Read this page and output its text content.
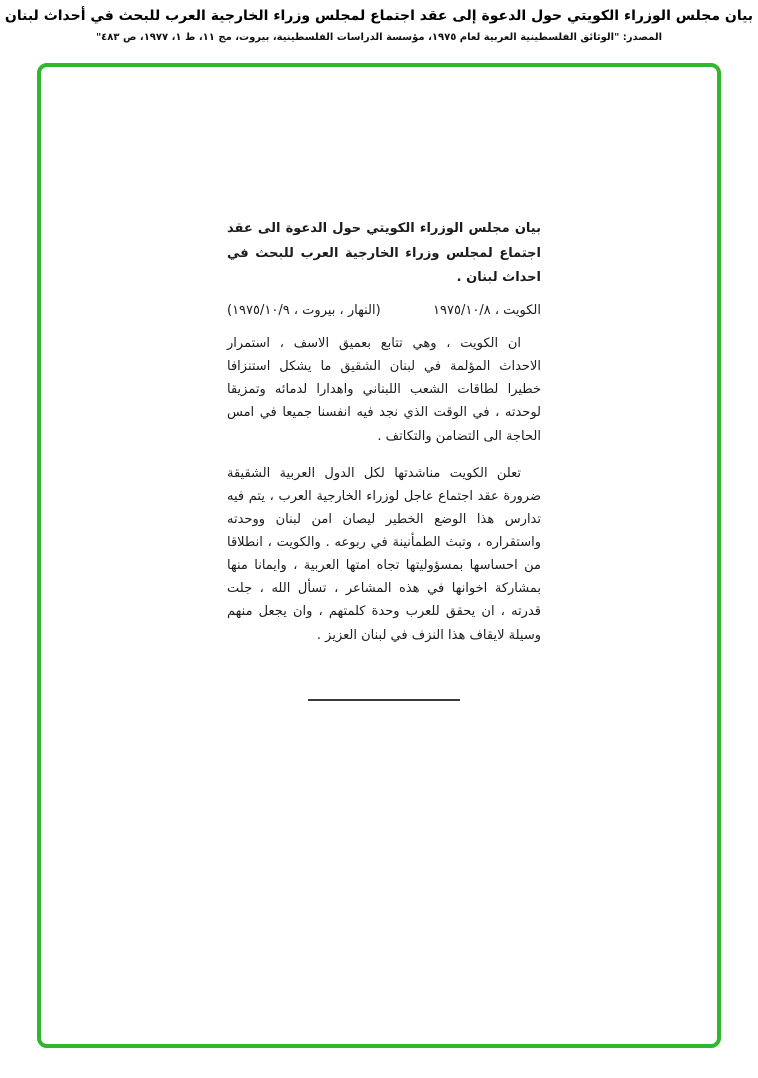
بيان مجلس الوزراء الكويتي حول الدعوة إلى عقد اجتماع لمجلس وزراء الخارجية العرب للبحث في أحداث لبنان
المصدر: "الوثائق الفلسطينية العربية لعام ١٩٧٥، مؤسسة الدراسات الفلسطينية، بيروت، مج ١١، ط ١، ١٩٧٧، ص ٤٨٣"
بيان مجلس الوزراء الكويتي حول الدعوة الى عقد اجتماع لمجلس وزراء الخارجية العرب للبحث في احداث لبنان .
الكويت ، ١٩٧٥/١٠/٨
(النهار ، بيروت ، ١٩٧٥/١٠/٩)
ان الكويت ، وهي تتابع بعميق الاسف ، استمرار الاحداث المؤلمة في لبنان الشقيق ما يشكل استنزافا خطيرا لطاقات الشعب اللبناني واهدارا لدمائه وتمزيقا لوحدته ، في الوقت الذي نجد فيه انفسنا جميعا في امس الحاجة الى التضامن والتكاتف .
تعلن الكويت مناشدتها لكل الدول العربية الشقيقة ضرورة عقد اجتماع عاجل لوزراء الخارجية العرب ، يتم فيه تدارس هذا الوضع الخطير ليصان امن لبنان ووحدته واستقراره ، وتبث الطمأنينة في ربوعه . والكويت ، انطلاقا من احساسها بمسؤوليتها تجاه امتها العربية ، وايمانا منها بمشاركة اخوانها في هذه المشاعر ، تسأل الله ، جلت قدرته ، ان يحقق للعرب وحدة كلمتهم ، وان يجعل منهم وسيلة لايقاف هذا النزف في لبنان العزيز .
